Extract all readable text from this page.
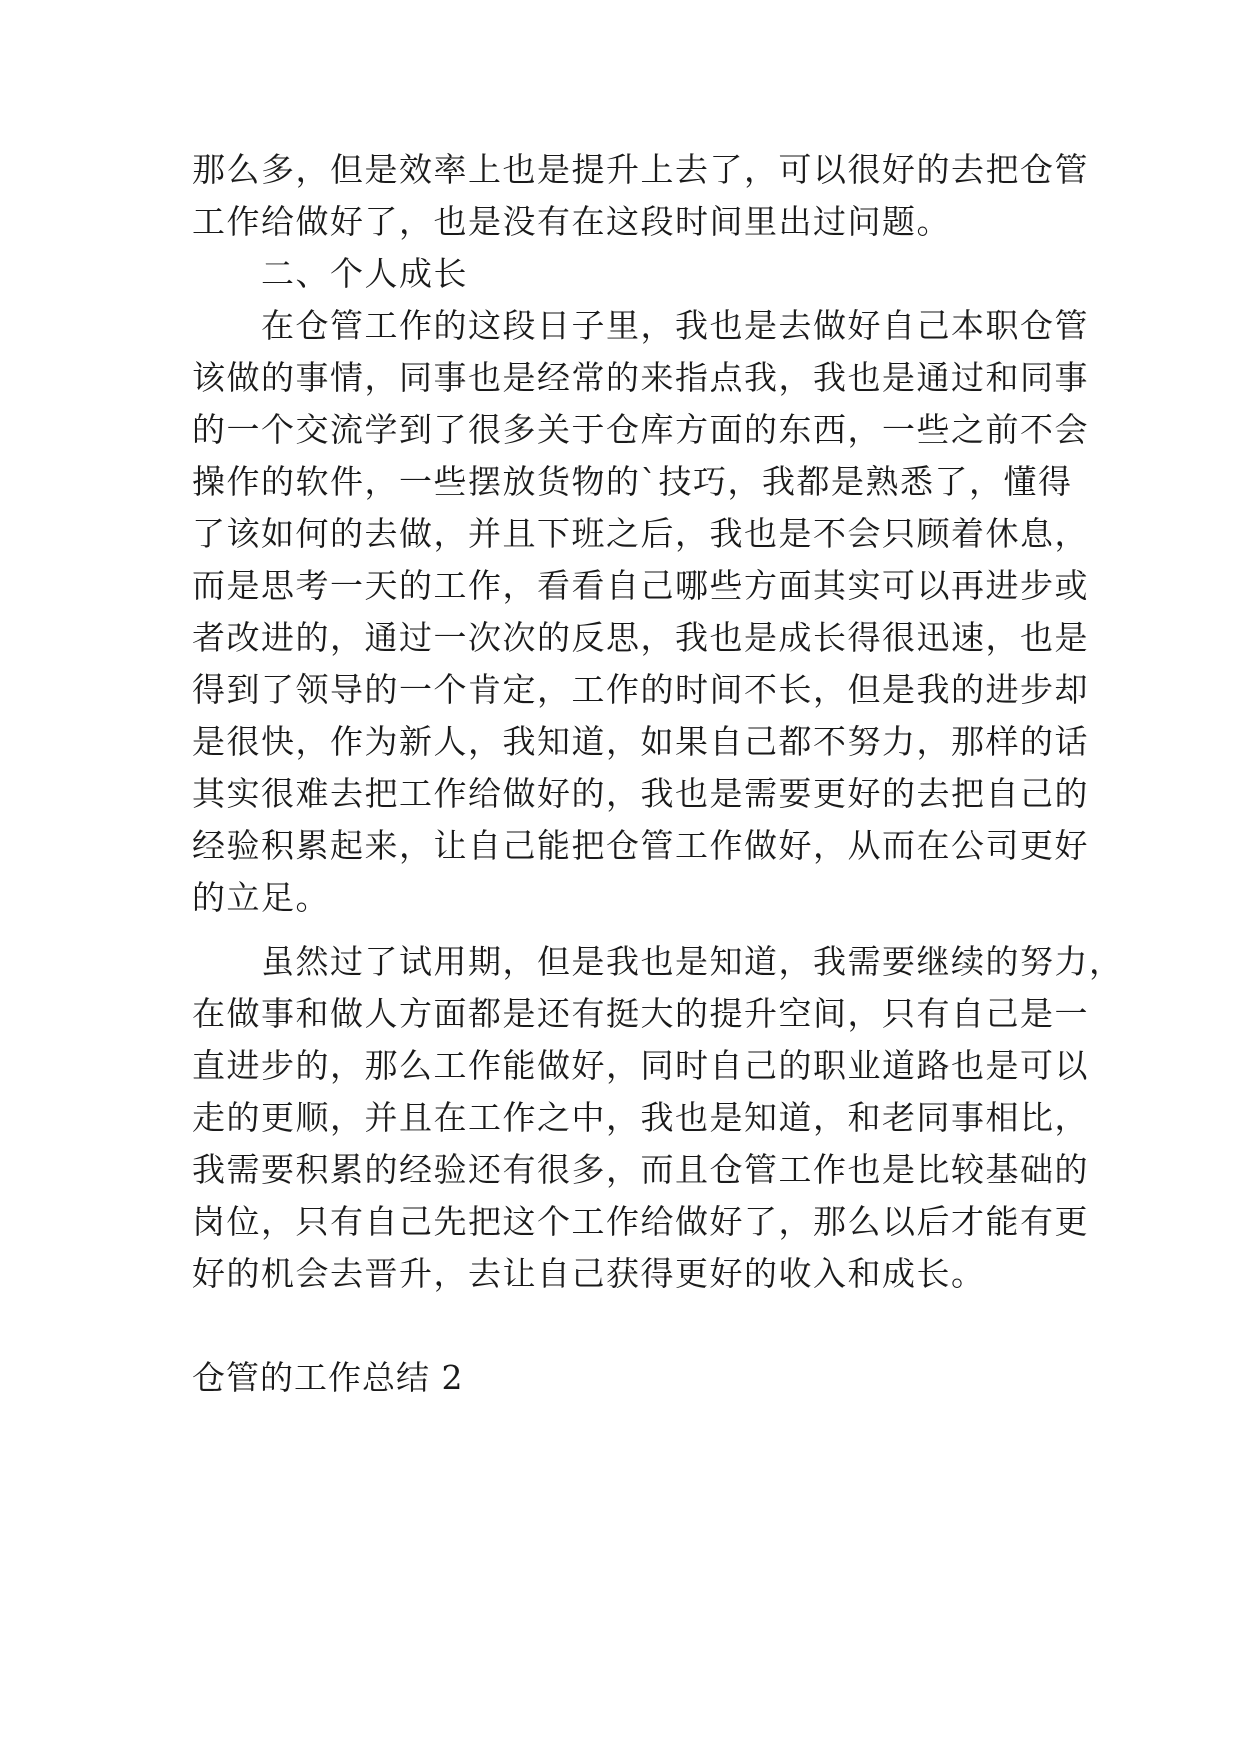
那么多，但是效率上也是提升上去了，可以很好的去把仓管
工作给做好了，也是没有在这段时间里出过问题。
　　二、个人成长
　　在仓管工作的这段日子里，我也是去做好自己本职仓管
该做的事情，同事也是经常的来指点我，我也是通过和同事
的一个交流学到了很多关于仓库方面的东西，一些之前不会
操作的软件，一些摆放货物的`技巧，我都是熟悉了，懂得
了该如何的去做，并且下班之后，我也是不会只顾着休息，
而是思考一天的工作，看看自己哪些方面其实可以再进步或
者改进的，通过一次次的反思，我也是成长得很迅速，也是
得到了领导的一个肯定，工作的时间不长，但是我的进步却
是很快，作为新人，我知道，如果自己都不努力，那样的话
其实很难去把工作给做好的，我也是需要更好的去把自己的
经验积累起来，让自己能把仓管工作做好，从而在公司更好
的立足。
　　虽然过了试用期，但是我也是知道，我需要继续的努力，
在做事和做人方面都是还有挺大的提升空间，只有自己是一
直进步的，那么工作能做好，同时自己的职业道路也是可以
走的更顺，并且在工作之中，我也是知道，和老同事相比，
我需要积累的经验还有很多，而且仓管工作也是比较基础的
岗位，只有自己先把这个工作给做好了，那么以后才能有更
好的机会去晋升，去让自己获得更好的收入和成长。
仓管的工作总结 2
